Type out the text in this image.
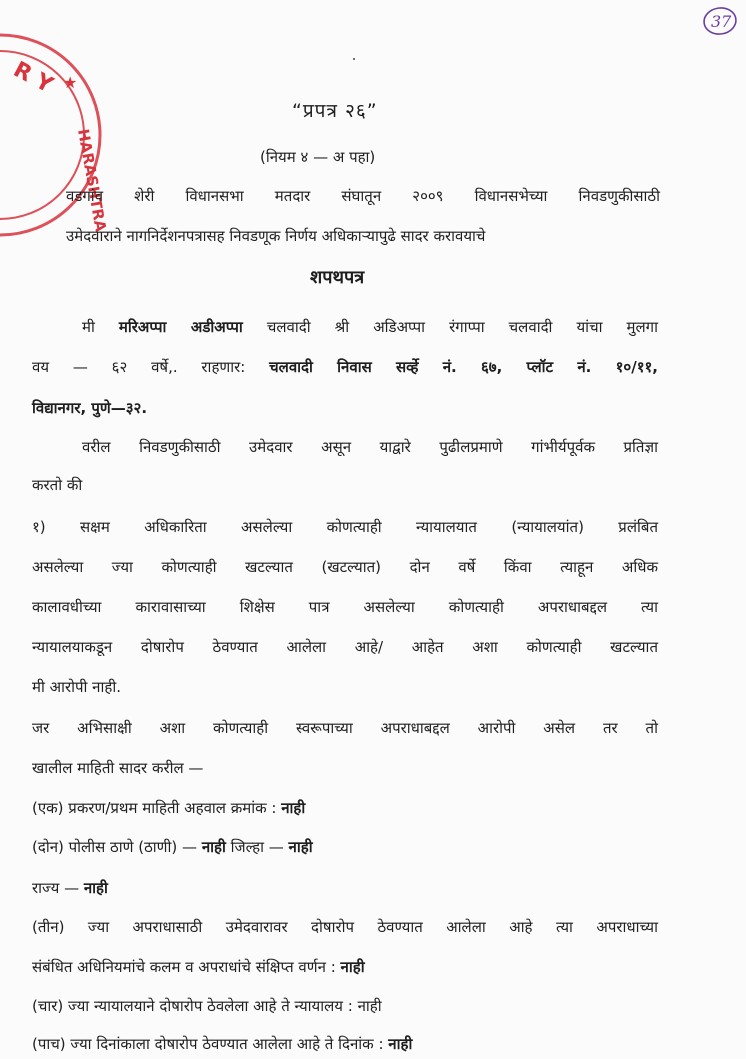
R Y ★
HARASHTRA
37
“प्रपत्र २६”
(नियम ४ — अ पहा)
वडगांव शेरी विधानसभा मतदार संघातून २००९ विधानसभेच्या निवडणुकीसाठी
उमेदवाराने नागनिर्देशनपत्रासह निवडणूक निर्णय अधिकाऱ्यापुढे सादर करावयाचे
शपथपत्र
मी मरिअप्पा अडीअप्पा चलवादी श्री अडिअप्पा रंगाप्पा चलवादी यांचा मुलगा
वय — ६२ वर्षे,. राहणार: चलवादी निवास सर्व्हे नं. ६७, प्लॉट नं. १०/११,
विद्यानगर, पुणे—३२.
वरील निवडणुकीसाठी उमेदवार असून याद्वारे पुढीलप्रमाणे गांभीर्यपूर्वक प्रतिज्ञा
करतो की
१) सक्षम अधिकारिता असलेल्या कोणत्याही न्यायालयात (न्यायालयांत) प्रलंबित
असलेल्या ज्या कोणत्याही खटल्यात (खटल्यात) दोन वर्षे किंवा त्याहून अधिक
कालावधीच्या कारावासाच्या शिक्षेस पात्र असलेल्या कोणत्याही अपराधाबद्दल त्या
न्यायालयाकडून दोषारोप ठेवण्यात आलेला आहे/ आहेत अशा कोणत्याही खटल्यात
मी आरोपी नाही.
जर अभिसाक्षी अशा कोणत्याही स्वरूपाच्या अपराधाबद्दल आरोपी असेल तर तो
खालील माहिती सादर करील —
(एक) प्रकरण/प्रथम माहिती अहवाल क्रमांक : नाही
(दोन) पोलीस ठाणे (ठाणी) — नाही जिल्हा — नाही
राज्य — नाही
(तीन) ज्या अपराधासाठी उमेदवारावर दोषारोप ठेवण्यात आलेला आहे त्या अपराधाच्या
संबंधित अधिनियमांचे कलम व अपराधांचे संक्षिप्त वर्णन : नाही
(चार) ज्या न्यायालयाने दोषारोप ठेवलेला आहे ते न्यायालय : नाही
(पाच) ज्या दिनांकाला दोषारोप ठेवण्यात आलेला आहे ते दिनांक : नाही
